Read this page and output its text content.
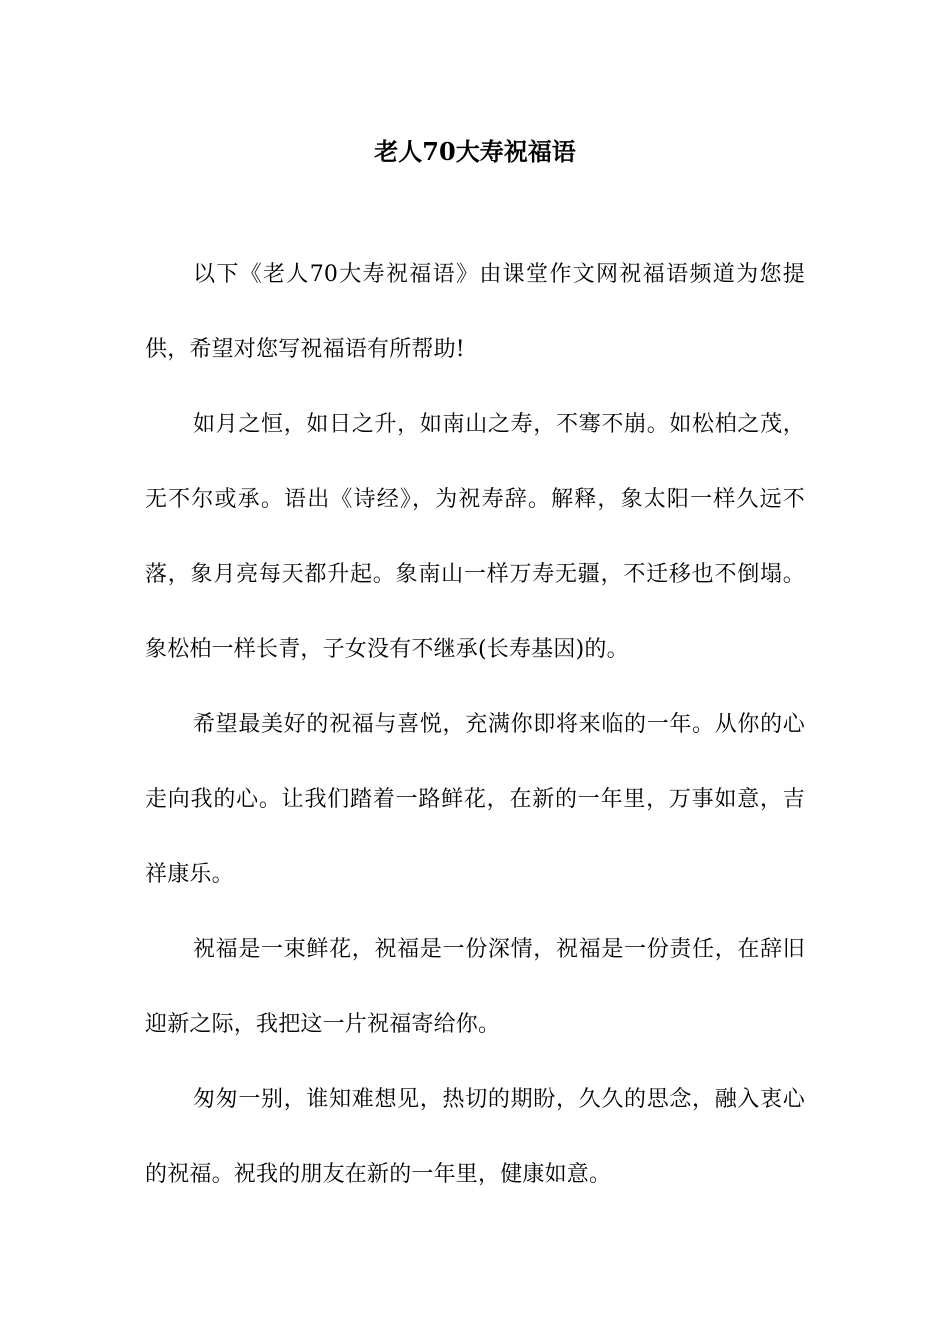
老人70大寿祝福语

以下《老人70大寿祝福语》由课堂作文网祝福语频道为您提供，希望对您写祝福语有所帮助!

如月之恒，如日之升，如南山之寿，不骞不崩。如松柏之茂，无不尔或承。语出《诗经》，为祝寿辞。解释，象太阳一样久远不落，象月亮每天都升起。象南山一样万寿无疆，不迁移也不倒塌。象松柏一样长青，子女没有不继承(长寿基因)的。

希望最美好的祝福与喜悦，充满你即将来临的一年。从你的心走向我的心。让我们踏着一路鲜花，在新的一年里，万事如意，吉祥康乐。

祝福是一束鲜花，祝福是一份深情，祝福是一份责任，在辞旧迎新之际，我把这一片祝福寄给你。

匆匆一别，谁知难想见，热切的期盼，久久的思念，融入衷心的祝福。祝我的朋友在新的一年里，健康如意。
